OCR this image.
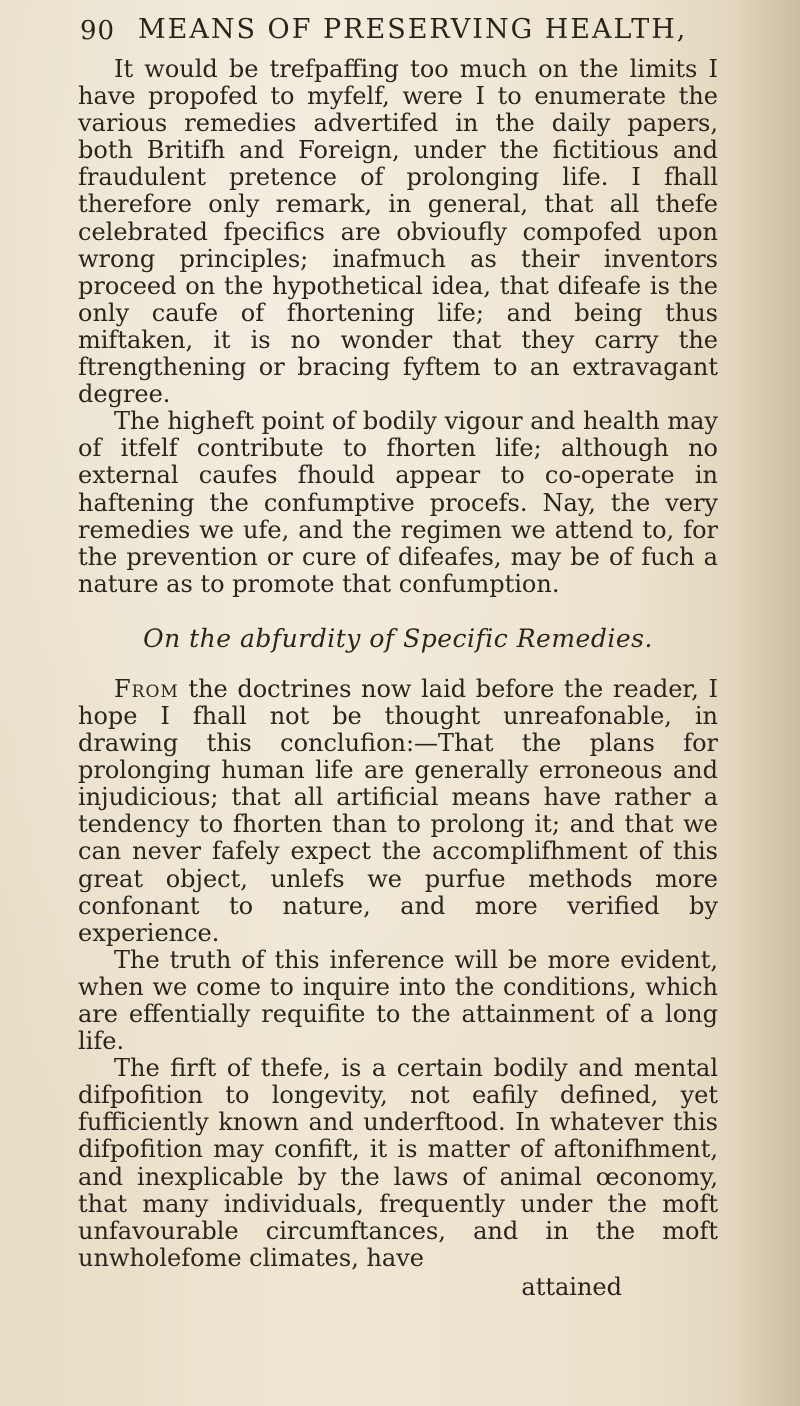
90 MEANS OF PRESERVING HEALTH,

It would be trefpaffing too much on the limits I have propofed to myfelf, were I to enumerate the various remedies advertifed in the daily papers, both Britifh and Foreign, under the fictitious and fraudulent pretence of prolonging life. I fhall therefore only remark, in general, that all thefe celebrated fpecifics are obvioufly compofed upon wrong principles; inafmuch as their inventors proceed on the hypothetical idea, that difeafe is the only caufe of fhortening life; and being thus miftaken, it is no wonder that they carry the ftrengthening or bracing fyftem to an extravagant degree.

The higheft point of bodily vigour and health may of itfelf contribute to fhorten life; although no external caufes fhould appear to co-operate in haftening the confumptive procefs. Nay, the very remedies we ufe, and the regimen we attend to, for the prevention or cure of difeafes, may be of fuch a nature as to promote that confumption.

On the abfurdity of Specific Remedies.

From the doctrines now laid before the reader, I hope I fhall not be thought unreafonable, in drawing this conclufion:—That the plans for prolonging human life are generally erroneous and injudicious; that all artificial means have rather a tendency to fhorten than to prolong it; and that we can never fafely expect the accomplifhment of this great object, unlefs we purfue methods more confonant to nature, and more verified by experience.

The truth of this inference will be more evident, when we come to inquire into the conditions, which are effentially requifite to the attainment of a long life.

The firft of thefe, is a certain bodily and mental difpofition to longevity, not eafily defined, yet fufficiently known and underftood. In whatever this difpofition may confift, it is matter of aftonifhment, and inexplicable by the laws of animal œconomy, that many individuals, frequently under the moft unfavourable circumftances, and in the moft unwholefome climates, have

attained
